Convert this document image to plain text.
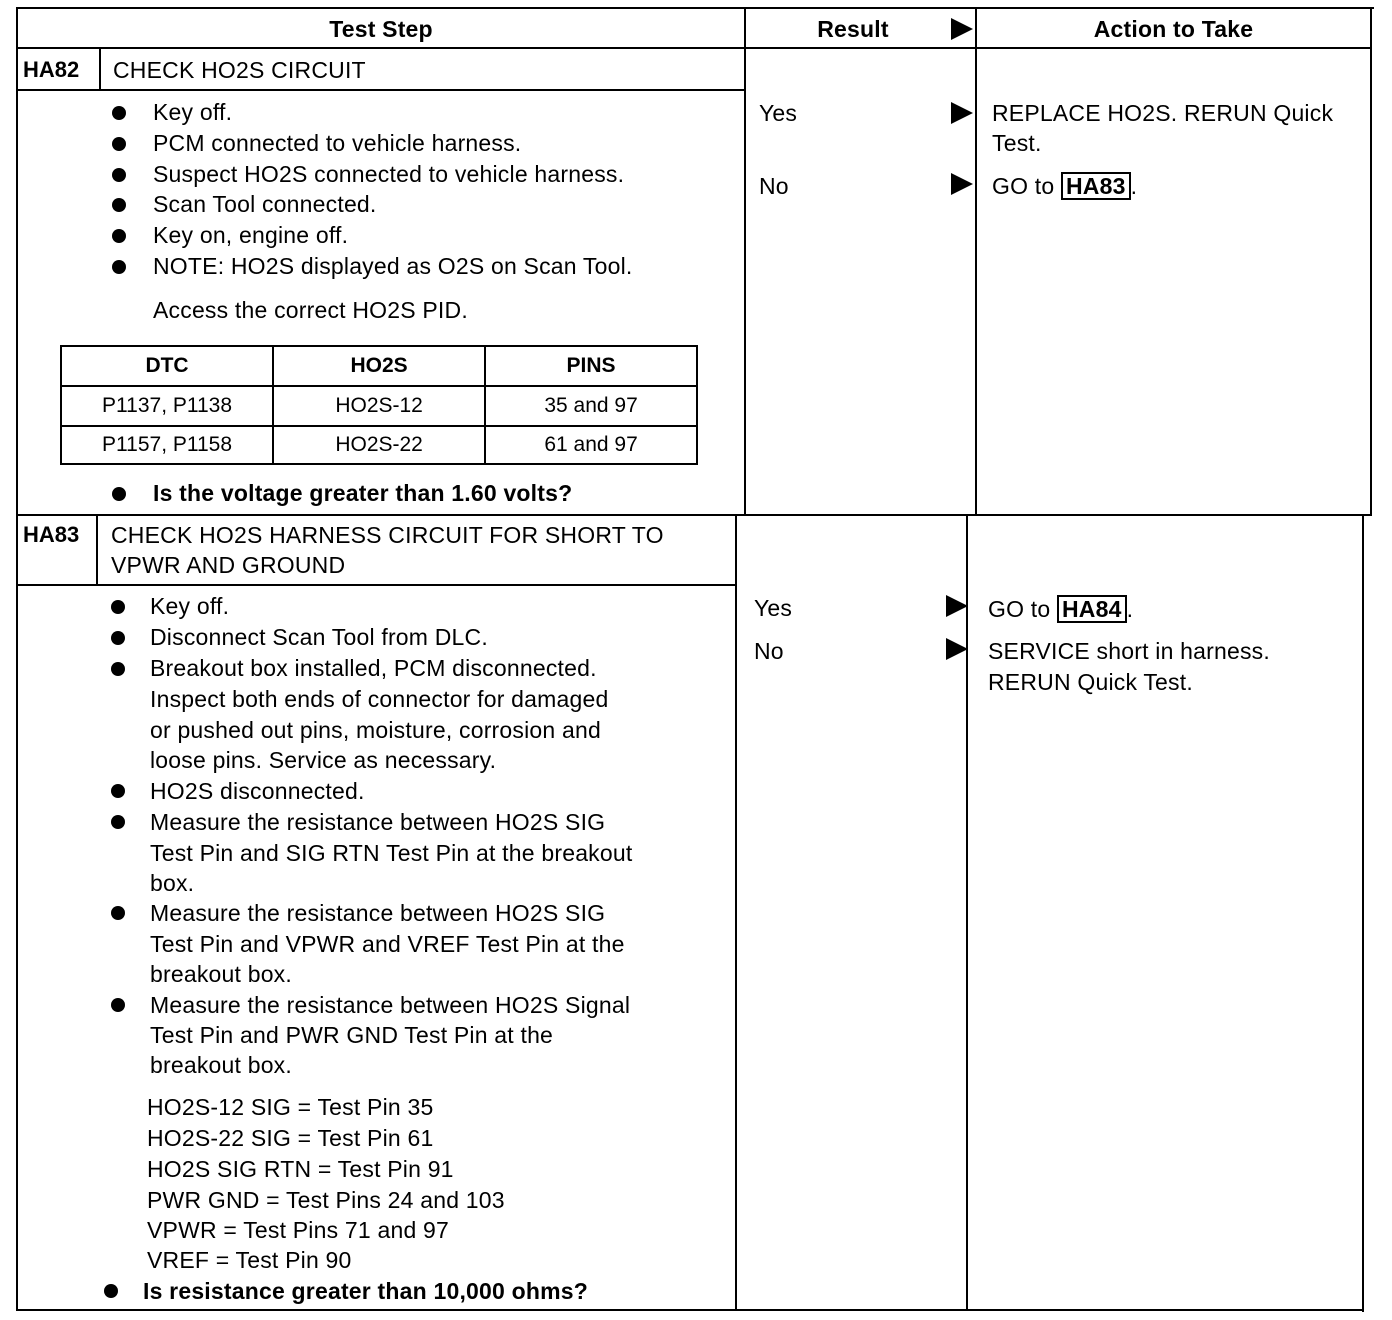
Test Step	Result	Action to Take
HA82 CHECK HO2S CIRCUIT
Key off.
PCM connected to vehicle harness.
Suspect HO2S connected to vehicle harness.
Scan Tool connected.
Key on, engine off.
NOTE: HO2S displayed as O2S on Scan Tool.
Access the correct HO2S PID.
DTC	HO2S	PINS
P1137, P1138	HO2S-12	35 and 97
P1157, P1158	HO2S-22	61 and 97
Is the voltage greater than 1.60 volts?
Yes	REPLACE HO2S. RERUN Quick
Test.
No	GO to HA83 .
HA83 CHECK HO2S HARNESS CIRCUIT FOR SHORT TO
VPWR AND GROUND
Key off.
Disconnect Scan Tool from DLC.
Breakout box installed, PCM disconnected.
Inspect both ends of connector for damaged
or pushed out pins, moisture, corrosion and
loose pins. Service as necessary.
HO2S disconnected.
Measure the resistance between HO2S SIG
Test Pin and SIG RTN Test Pin at the breakout
box.
Measure the resistance between HO2S SIG
Test Pin and VPWR and VREF Test Pin at the
breakout box.
Measure the resistance between HO2S Signal
Test Pin and PWR GND Test Pin at the
breakout box.
HO2S-12 SIG = Test Pin 35
HO2S-22 SIG = Test Pin 61
HO2S SIG RTN = Test Pin 91
PWR GND = Test Pins 24 and 103
VPWR = Test Pins 71 and 97
VREF = Test Pin 90
Is resistance greater than 10,000 ohms?
Yes	GO to HA84 .
No	SERVICE short in harness.
RERUN Quick Test.
